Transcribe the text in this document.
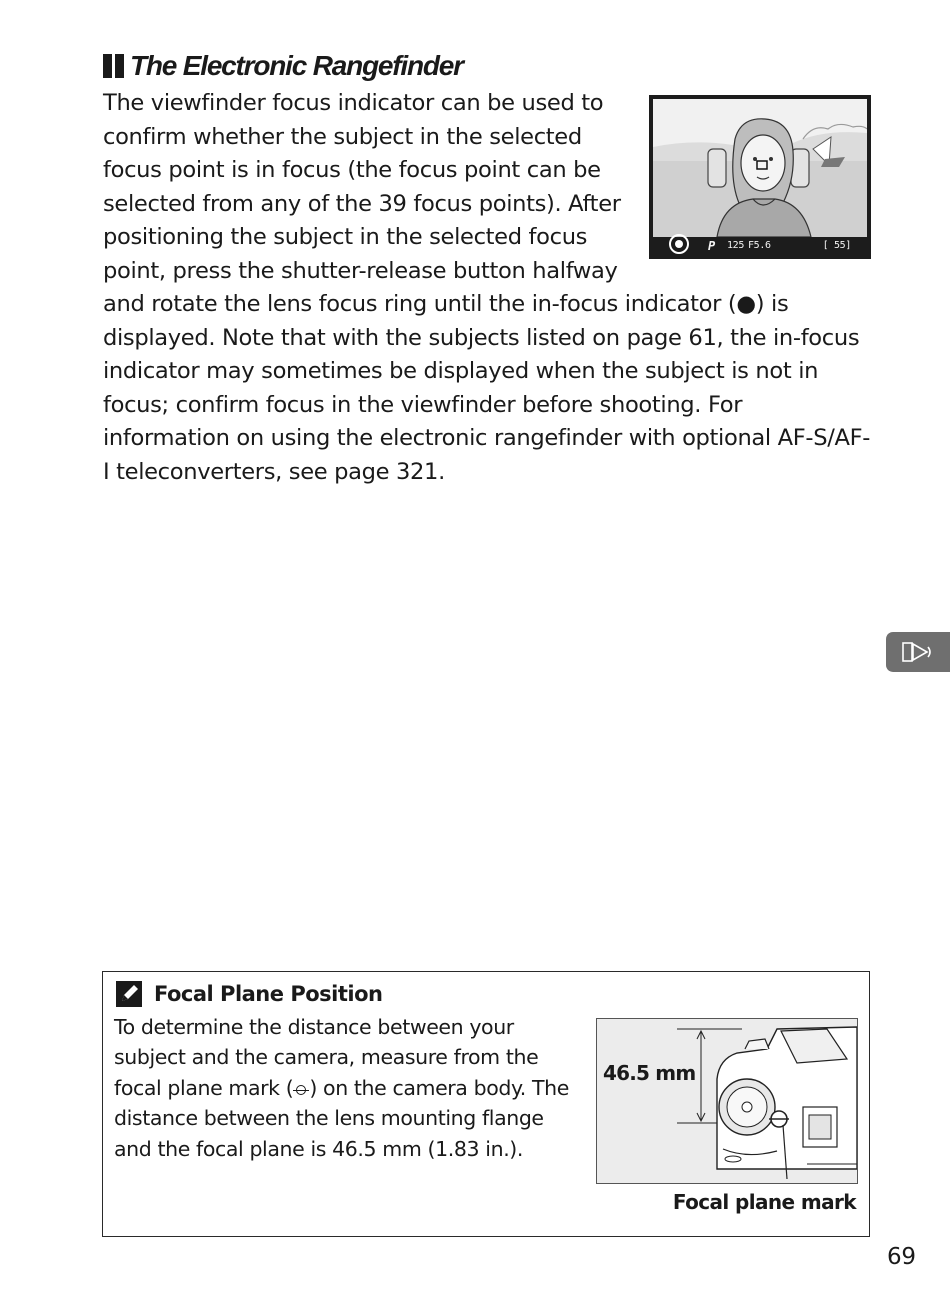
The Electronic Rangefinder
P 125 F5.6	[ 55]
The viewfinder focus indicator can be used to confirm whether the subject in the selected focus point is in focus (the focus point can be selected from any of the 39 focus points). After positioning the subject in the selected focus point, press the shutter-release button halfway and rotate the lens focus ring until the in-focus indicator (●) is displayed. Note that with the subjects listed on page 61, the in-focus indicator may sometimes be displayed when the subject is not in focus; confirm focus in the viewfinder before shooting. For information on using the electronic rangefinder with optional AF-S/AF-I teleconverters, see page 321.
Focal Plane Position
To determine the distance between your subject and the camera, measure from the focal plane mark ( ) on the camera body. The distance between the lens mounting flange and the focal plane is 46.5 mm (1.83 in.).
46.5 mm
Focal plane mark
69
